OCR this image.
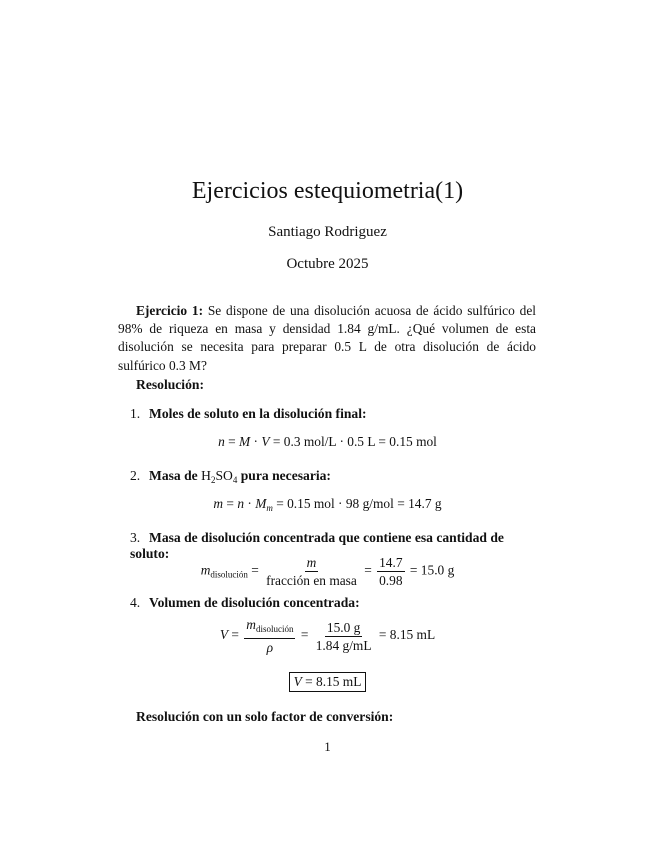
Ejercicios estequiometria(1)
Santiago Rodriguez
Octubre 2025
Ejercicio 1: Se dispone de una disolución acuosa de ácido sulfúrico del 98% de riqueza en masa y densidad 1.84 g/mL. ¿Qué volumen de esta disolución se necesita para preparar 0.5 L de otra disolución de ácido sulfúrico 0.3 M?
Resolución:
1. Moles de soluto en la disolución final:
n = M · V = 0.3 mol/L · 0.5 L = 0.15 mol
2. Masa de $H_2SO_4$ pura necesaria:
$m = n \cdot M_m = 0.15$ mol · 98 g/mol = 14.7 g
3. Masa de disolución concentrada que contiene esa cantidad de soluto:
$m_{disolución} = \frac{m}{\text{fracción en masa}} = \frac{14.7}{0.98} = 15.0$ g
4. Volumen de disolución concentrada:
$V = \frac{m_{disolución}}{\rho} = \frac{15.0 g}{1.84 g/mL} = 8.15$ mL
V = 8.15 mL
Resolución con un solo factor de conversión:
1
